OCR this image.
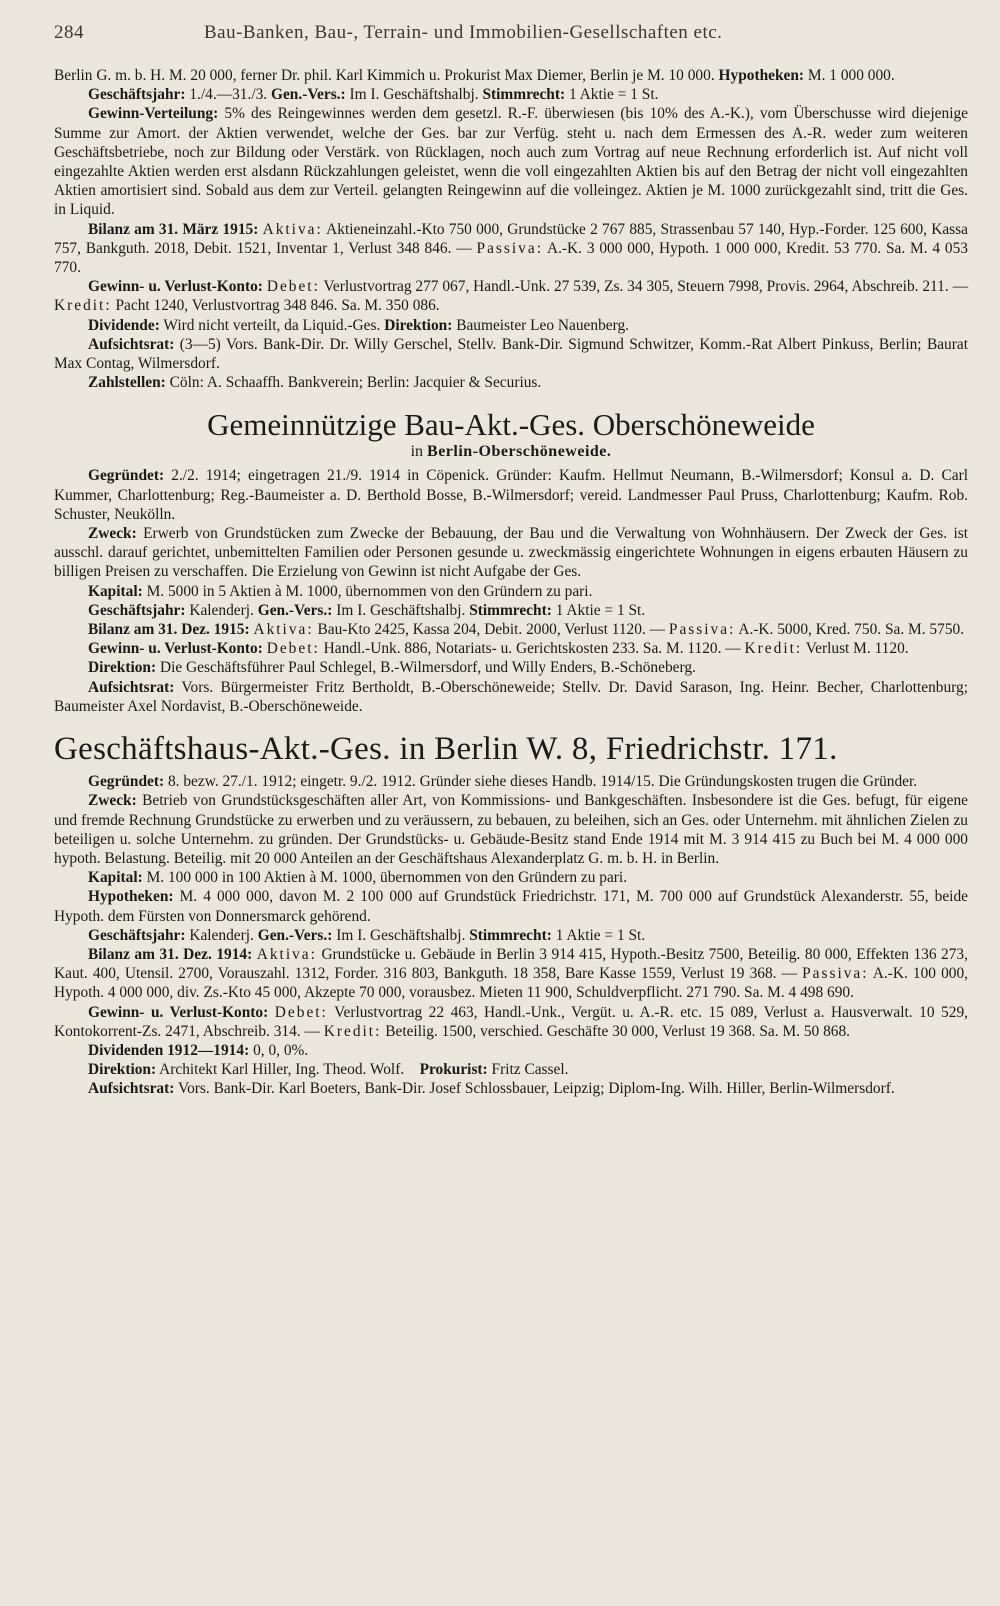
284	Bau-Banken, Bau-, Terrain- und Immobilien-Gesellschaften etc.

Berlin G. m. b. H. M. 20 000, ferner Dr. phil. Karl Kimmich u. Prokurist Max Diemer, Berlin je M. 10 000. Hypotheken: M. 1 000 000.

Geschäftsjahr: 1./4.—31./3. Gen.-Vers.: Im I. Geschäftshalbj. Stimmrecht: 1 Aktie = 1 St.

Gewinn-Verteilung: 5% des Reingewinnes werden dem gesetzl. R.-F. überwiesen (bis 10% des A.-K.), vom Überschusse wird diejenige Summe zur Amort. der Aktien verwendet, welche der Ges. bar zur Verfüg. steht u. nach dem Ermessen des A.-R. weder zum weiteren Geschäftsbetriebe, noch zur Bildung oder Verstärk. von Rücklagen, noch auch zum Vortrag auf neue Rechnung erforderlich ist. Auf nicht voll eingezahlte Aktien werden erst alsdann Rückzahlungen geleistet, wenn die voll eingezahlten Aktien bis auf den Betrag der nicht voll eingezahlten Aktien amortisiert sind. Sobald aus dem zur Verteil. gelangten Reingewinn auf die volleingez. Aktien je M. 1000 zurückgezahlt sind, tritt die Ges. in Liquid.

Bilanz am 31. März 1915: Aktiva: Aktieneinzahl.-Kto 750 000, Grundstücke 2 767 885, Strassenbau 57 140, Hyp.-Forder. 125 600, Kassa 757, Bankguth. 2018, Debit. 1521, Inventar 1, Verlust 348 846. — Passiva: A.-K. 3 000 000, Hypoth. 1 000 000, Kredit. 53 770. Sa. M. 4 053 770.

Gewinn- u. Verlust-Konto: Debet: Verlustvortrag 277 067, Handl.-Unk. 27 539, Zs. 34 305, Steuern 7998, Provis. 2964, Abschreib. 211. — Kredit: Pacht 1240, Verlustvortrag 348 846. Sa. M. 350 086.

Dividende: Wird nicht verteilt, da Liquid.-Ges. Direktion: Baumeister Leo Nauenberg.

Aufsichtsrat: (3—5) Vors. Bank-Dir. Dr. Willy Gerschel, Stellv. Bank-Dir. Sigmund Schwitzer, Komm.-Rat Albert Pinkuss, Berlin; Baurat Max Contag, Wilmersdorf.

Zahlstellen: Cöln: A. Schaaffh. Bankverein; Berlin: Jacquier & Securius.

Gemeinnützige Bau-Akt.-Ges. Oberschöneweide
in Berlin-Oberschöneweide.

Gegründet: 2./2. 1914; eingetragen 21./9. 1914 in Cöpenick. Gründer: Kaufm. Hellmut Neumann, B.-Wilmersdorf; Konsul a. D. Carl Kummer, Charlottenburg; Reg.-Baumeister a. D. Berthold Bosse, B.-Wilmersdorf; vereid. Landmesser Paul Pruss, Charlottenburg; Kaufm. Rob. Schuster, Neukölln.

Zweck: Erwerb von Grundstücken zum Zwecke der Bebauung, der Bau und die Verwaltung von Wohnhäusern. Der Zweck der Ges. ist ausschl. darauf gerichtet, unbemittelten Familien oder Personen gesunde u. zweckmässig eingerichtete Wohnungen in eigens erbauten Häusern zu billigen Preisen zu verschaffen. Die Erzielung von Gewinn ist nicht Aufgabe der Ges.

Kapital: M. 5000 in 5 Aktien à M. 1000, übernommen von den Gründern zu pari.

Geschäftsjahr: Kalenderj. Gen.-Vers.: Im I. Geschäftshalbj. Stimmrecht: 1 Aktie = 1 St.

Bilanz am 31. Dez. 1915: Aktiva: Bau-Kto 2425, Kassa 204, Debit. 2000, Verlust 1120. — Passiva: A.-K. 5000, Kred. 750. Sa. M. 5750.

Gewinn- u. Verlust-Konto: Debet: Handl.-Unk. 886, Notariats- u. Gerichtskosten 233. Sa. M. 1120. — Kredit: Verlust M. 1120.

Direktion: Die Geschäftsführer Paul Schlegel, B.-Wilmersdorf, und Willy Enders, B.-Schöneberg.

Aufsichtsrat: Vors. Bürgermeister Fritz Bertholdt, B.-Oberschöneweide; Stellv. Dr. David Sarason, Ing. Heinr. Becher, Charlottenburg; Baumeister Axel Nordavist, B.-Oberschöneweide.

Geschäftshaus-Akt.-Ges. in Berlin W. 8, Friedrichstr. 171.

Gegründet: 8. bezw. 27./1. 1912; eingetr. 9./2. 1912. Gründer siehe dieses Handb. 1914/15. Die Gründungskosten trugen die Gründer.

Zweck: Betrieb von Grundstücksgeschäften aller Art, von Kommissions- und Bankgeschäften. Insbesondere ist die Ges. befugt, für eigene und fremde Rechnung Grundstücke zu erwerben und zu veräussern, zu bebauen, zu beleihen, sich an Ges. oder Unternehm. mit ähnlichen Zielen zu beteiligen u. solche Unternehm. zu gründen. Der Grundstücks- u. Gebäude-Besitz stand Ende 1914 mit M. 3 914 415 zu Buch bei M. 4 000 000 hypoth. Belastung. Beteilig. mit 20 000 Anteilen an der Geschäftshaus Alexanderplatz G. m. b. H. in Berlin.

Kapital: M. 100 000 in 100 Aktien à M. 1000, übernommen von den Gründern zu pari.

Hypotheken: M. 4 000 000, davon M. 2 100 000 auf Grundstück Friedrichstr. 171, M. 700 000 auf Grundstück Alexanderstr. 55, beide Hypoth. dem Fürsten von Donnersmarck gehörend.

Geschäftsjahr: Kalenderj. Gen.-Vers.: Im I. Geschäftshalbj. Stimmrecht: 1 Aktie = 1 St.

Bilanz am 31. Dez. 1914: Aktiva: Grundstücke u. Gebäude in Berlin 3 914 415, Hypoth.-Besitz 7500, Beteilig. 80 000, Effekten 136 273, Kaut. 400, Utensil. 2700, Vorauszahl. 1312, Forder. 316 803, Bankguth. 18 358, Bare Kasse 1559, Verlust 19 368. — Passiva: A.-K. 100 000, Hypoth. 4 000 000, div. Zs.-Kto 45 000, Akzepte 70 000, vorausbez. Mieten 11 900, Schuldverpflicht. 271 790. Sa. M. 4 498 690.

Gewinn- u. Verlust-Konto: Debet: Verlustvortrag 22 463, Handl.-Unk., Vergüt. u. A.-R. etc. 15 089, Verlust a. Hausverwalt. 10 529, Kontokorrent-Zs. 2471, Abschreib. 314. — Kredit: Beteilig. 1500, verschied. Geschäfte 30 000, Verlust 19 368. Sa. M. 50 868.

Dividenden 1912—1914: 0, 0, 0%.

Direktion: Architekt Karl Hiller, Ing. Theod. Wolf. Prokurist: Fritz Cassel.

Aufsichtsrat: Vors. Bank-Dir. Karl Boeters, Bank-Dir. Josef Schlossbauer, Leipzig; Diplom-Ing. Wilh. Hiller, Berlin-Wilmersdorf.
